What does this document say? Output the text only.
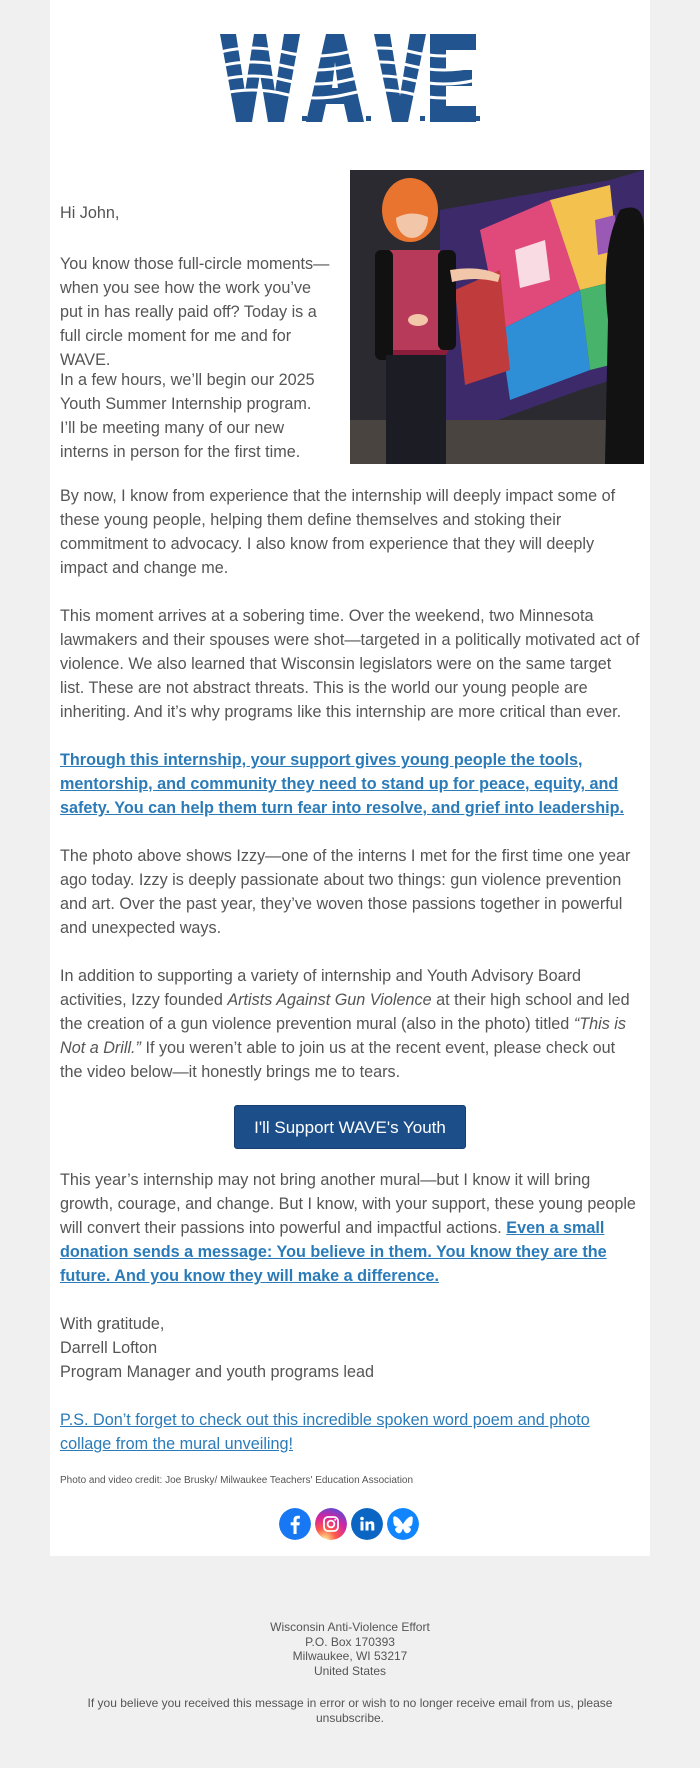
Hi John,
You know those full-circle moments—when you see how the work you’ve put in has really paid off? Today is a full circle moment for me and for WAVE.
In a few hours, we’ll begin our 2025 Youth Summer Internship program. I’ll be meeting many of our new interns in person for the first time.
By now, I know from experience that the internship will deeply impact some of these young people, helping them define themselves and stoking their commitment to advocacy. I also know from experience that they will deeply impact and change me.
This moment arrives at a sobering time. Over the weekend, two Minnesota lawmakers and their spouses were shot—targeted in a politically motivated act of violence. We also learned that Wisconsin legislators were on the same target list. These are not abstract threats. This is the world our young people are inheriting. And it’s why programs like this internship are more critical than ever.
Through this internship, your support gives young people the tools, mentorship, and community they need to stand up for peace, equity, and safety. You can help them turn fear into resolve, and grief into leadership.
The photo above shows Izzy—one of the interns I met for the first time one year ago today. Izzy is deeply passionate about two things: gun violence prevention and art. Over the past year, they’ve woven those passions together in powerful and unexpected ways.
In addition to supporting a variety of internship and Youth Advisory Board activities, Izzy founded Artists Against Gun Violence at their high school and led the creation of a gun violence prevention mural (also in the photo) titled “This is Not a Drill.” If you weren’t able to join us at the recent event, please check out the video below—it honestly brings me to tears.
I'll Support WAVE's Youth
This year’s internship may not bring another mural—but I know it will bring growth, courage, and change. But I know, with your support, these young people will convert their passions into powerful and impactful actions. Even a small donation sends a message: You believe in them. You know they are the future. And you know they will make a difference.
With gratitude,
Darrell Lofton
Program Manager and youth programs lead
P.S. Don’t forget to check out this incredible spoken word poem and photo collage from the mural unveiling!
Photo and video credit: Joe Brusky/ Milwaukee Teachers' Education Association
Wisconsin Anti-Violence Effort
P.O. Box 170393
Milwaukee, WI 53217
United States
If you believe you received this message in error or wish to no longer receive email from us, please unsubscribe.
